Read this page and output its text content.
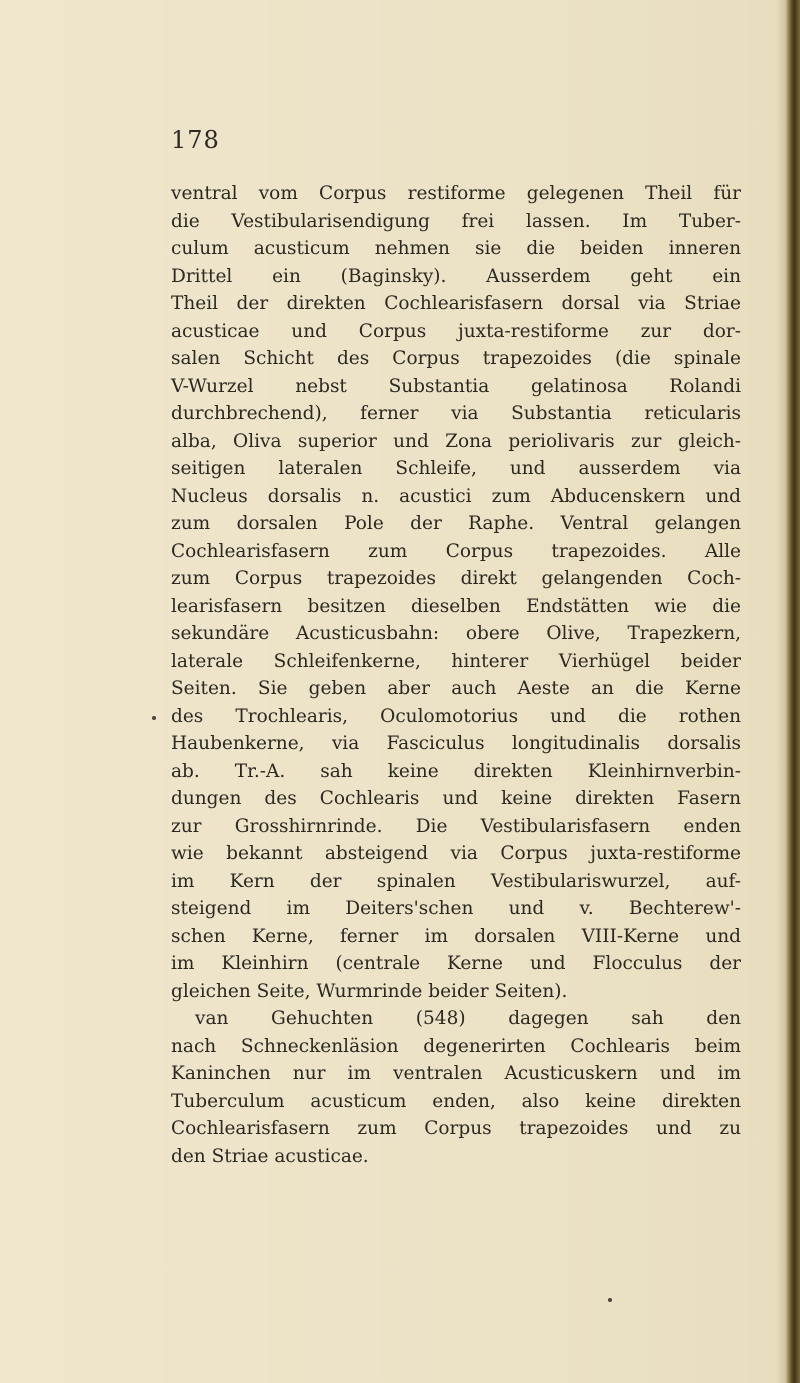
178
ventral vom Corpus restiforme gelegenen Theil für
die Vestibularisendigung frei lassen. Im Tuber-
culum acusticum nehmen sie die beiden inneren
Drittel ein (Baginsky). Ausserdem geht ein
Theil der direkten Cochlearisfasern dorsal via Striae
acusticae und Corpus juxta-restiforme zur dor-
salen Schicht des Corpus trapezoides (die spinale
V-Wurzel nebst Substantia gelatinosa Rolandi
durchbrechend), ferner via Substantia reticularis
alba, Oliva superior und Zona periolivaris zur gleich-
seitigen lateralen Schleife, und ausserdem via
Nucleus dorsalis n. acustici zum Abducenskern und
zum dorsalen Pole der Raphe. Ventral gelangen
Cochlearisfasern zum Corpus trapezoides. Alle
zum Corpus trapezoides direkt gelangenden Coch-
learisfasern besitzen dieselben Endstätten wie die
sekundäre Acusticusbahn: obere Olive, Trapezkern,
laterale Schleifenkerne, hinterer Vierhügel beider
Seiten. Sie geben aber auch Aeste an die Kerne
des Trochlearis, Oculomotorius und die rothen
Haubenkerne, via Fasciculus longitudinalis dorsalis
ab. Tr.-A. sah keine direkten Kleinhirnverbin-
dungen des Cochlearis und keine direkten Fasern
zur Grosshirnrinde. Die Vestibularisfasern enden
wie bekannt absteigend via Corpus juxta-restiforme
im Kern der spinalen Vestibulariswurzel, auf-
steigend im Deiters'schen und v. Bechterew'-
schen Kerne, ferner im dorsalen VIII-Kerne und
im Kleinhirn (centrale Kerne und Flocculus der
gleichen Seite, Wurmrinde beider Seiten).
van Gehuchten (548) dagegen sah den
nach Schneckenläsion degenerirten Cochlearis beim
Kaninchen nur im ventralen Acusticuskern und im
Tuberculum acusticum enden, also keine direkten
Cochlearisfasern zum Corpus trapezoides und zu
den Striae acusticae.
